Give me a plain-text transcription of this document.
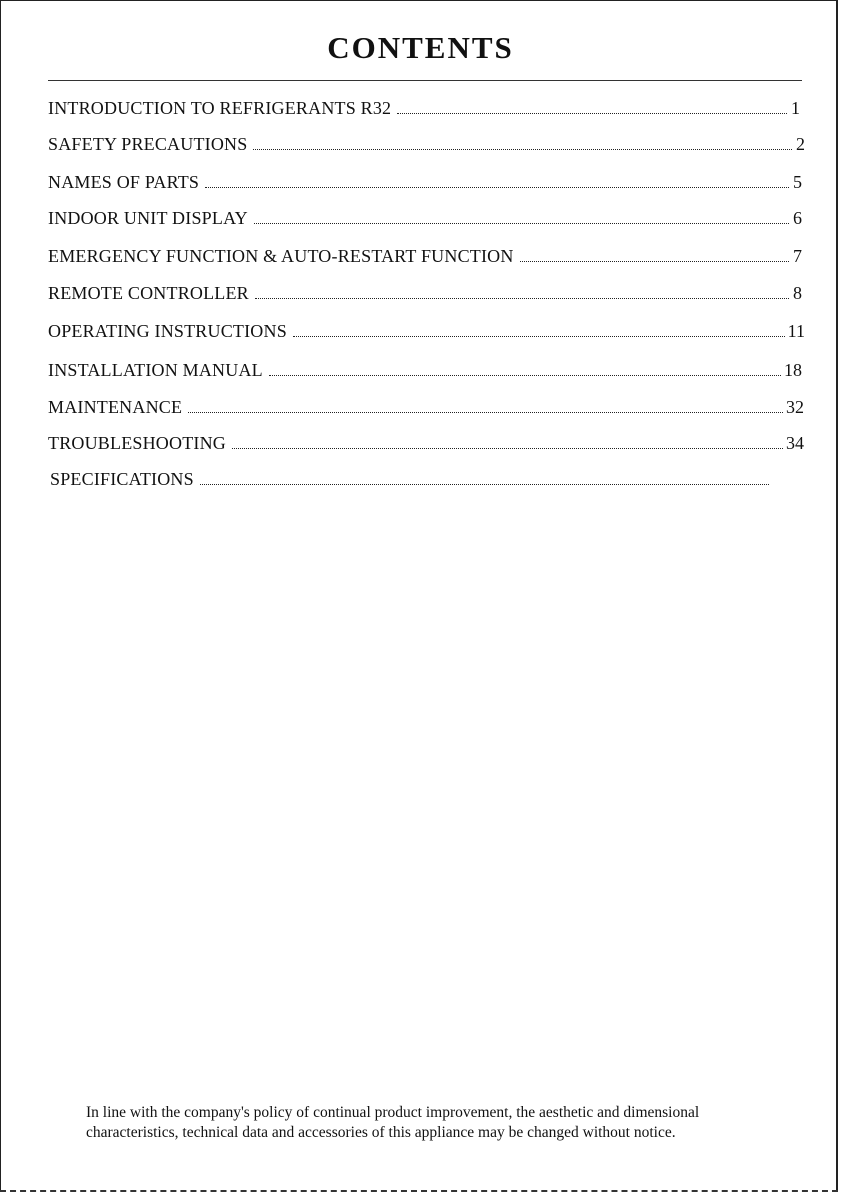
CONTENTS
INTRODUCTION TO REFRIGERANTS R32	1
SAFETY PRECAUTIONS	2
NAMES OF PARTS	5
INDOOR UNIT DISPLAY	6
EMERGENCY FUNCTION & AUTO-RESTART FUNCTION	7
REMOTE CONTROLLER	8
OPERATING INSTRUCTIONS	11
INSTALLATION MANUAL	18
MAINTENANCE	32
TROUBLESHOOTING	34
SPECIFICATIONS
In line with the company's policy of continual product improvement, the aesthetic and dimensional
characteristics, technical data and accessories of this appliance may be changed without notice.
